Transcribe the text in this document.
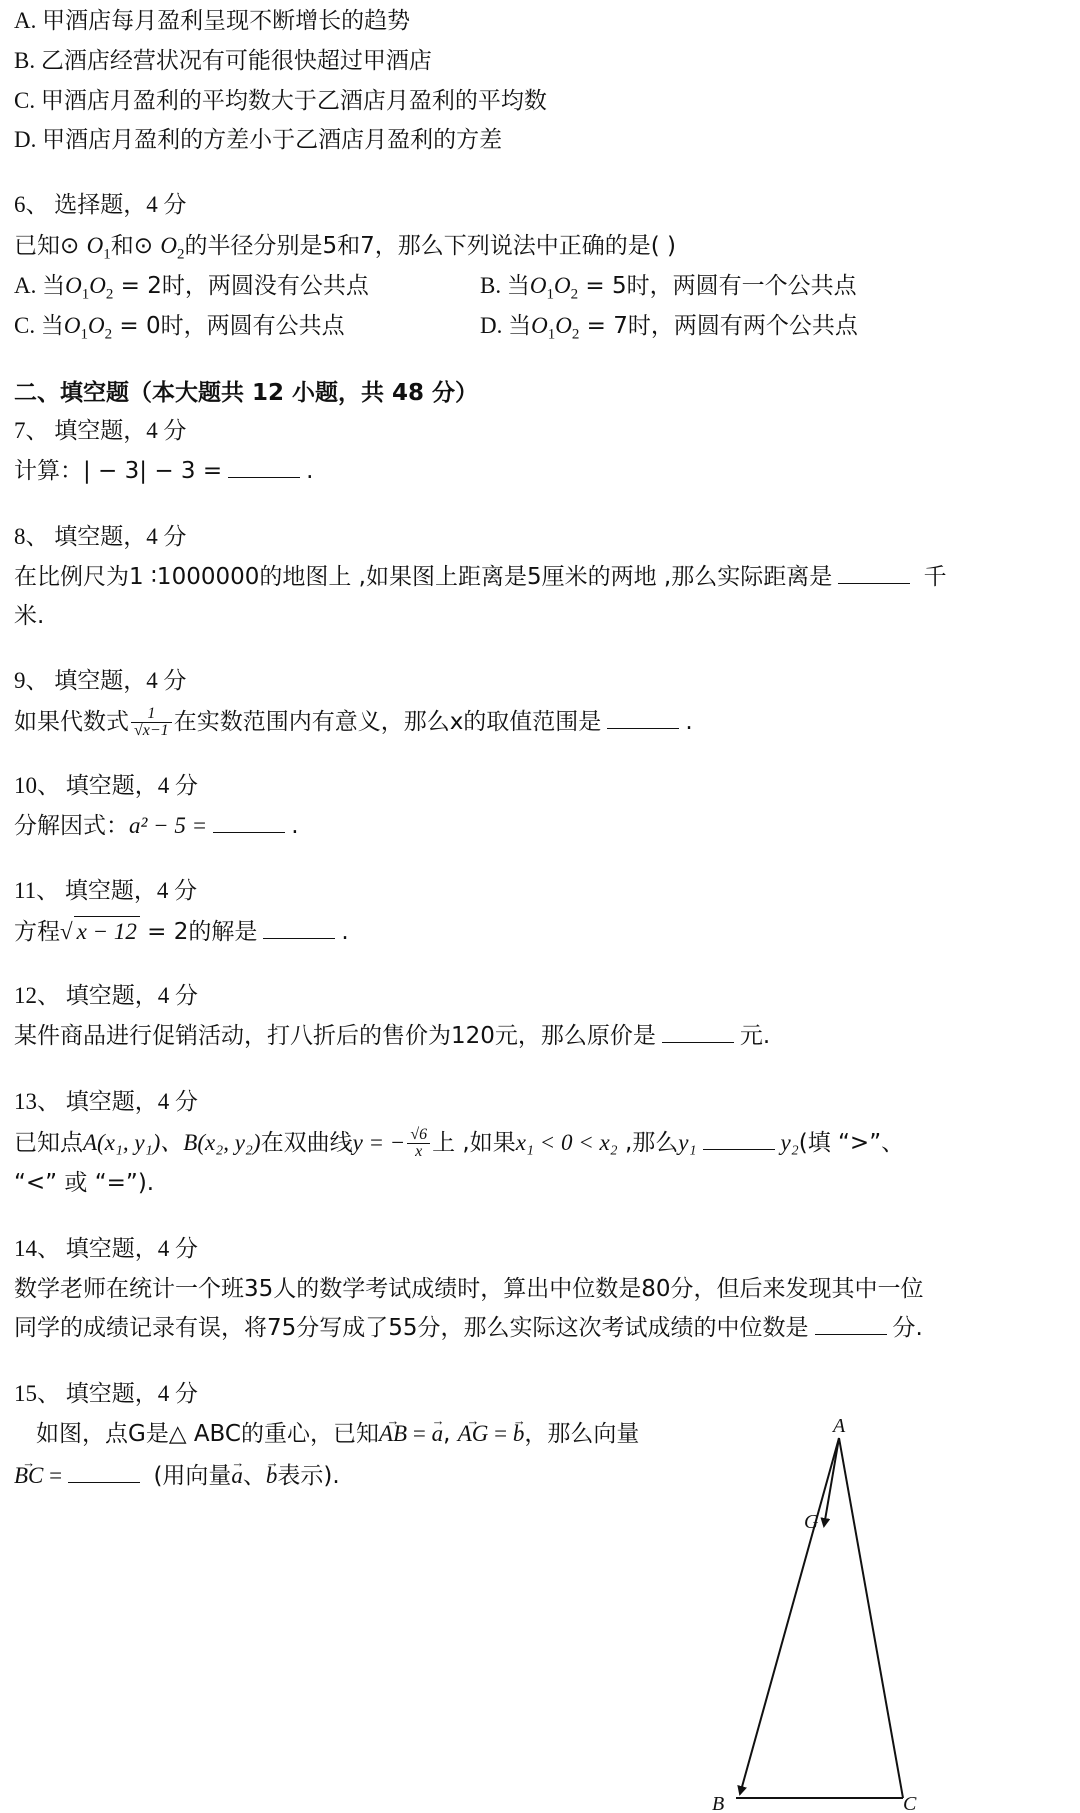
A. 甲酒店每月盈利呈现不断增长的趋势
B. 乙酒店经营状况有可能很快超过甲酒店
C. 甲酒店月盈利的平均数大于乙酒店月盈利的平均数
D. 甲酒店月盈利的方差小于乙酒店月盈利的方差
6、 选择题，4 分
已知⊙ $O_1$和⊙ $O_2$的半径分别是5和7，那么下列说法中正确的是( )
A. 当$O_1O_2 = 2$时，两圆没有公共点	B. 当$O_1O_2 = 5$时，两圆有一个公共点
C. 当$O_1O_2 = 0$时，两圆有公共点	D. 当$O_1O_2 = 7$时，两圆有两个公共点
二、填空题（本大题共 12 小题，共 48 分）
7、 填空题，4 分
计算：| − 3| − 3 =	.
8、 填空题，4 分
在比例尺为1 ∶1000000的地图上 ,如果图上距离是5厘米的两地 ,那么实际距离是	千
米.
9、 填空题，4 分
如果代数式 $\frac{1}{√x-1}$ 在实数范围内有意义，那么x的取值范围是	.
10、 填空题，4 分
分解因式：a² − 5 =	.
11、 填空题，4 分
方程√ x − 12 = 2的解是	.
12、 填空题，4 分
某件商品进行促销活动，打八折后的售价为120元，那么原价是	元.
13、 填空题，4 分
已知点A(x₁, y₁)、B(x₂, y₂)在双曲线y = − $\frac{√6}{x}$ 上 ,如果x₁ < 0 < x₂ ,那么y₁	y₂(填 “>”、
“<” 或 “=”).
14、 填空题，4 分
数学老师在统计一个班35人的数学考试成绩时，算出中位数是80分，但后来发现其中一位
同学的成绩记录有误，将75分写成了55分，那么实际这次考试成绩的中位数是	分.
15、 填空题，4 分
如图，点G是△ ABC的重心，已知→ AB = → a, → AG = → b，那么向量
→ BC =	(用向量→ a、→ b表示).
A
B	C
G
